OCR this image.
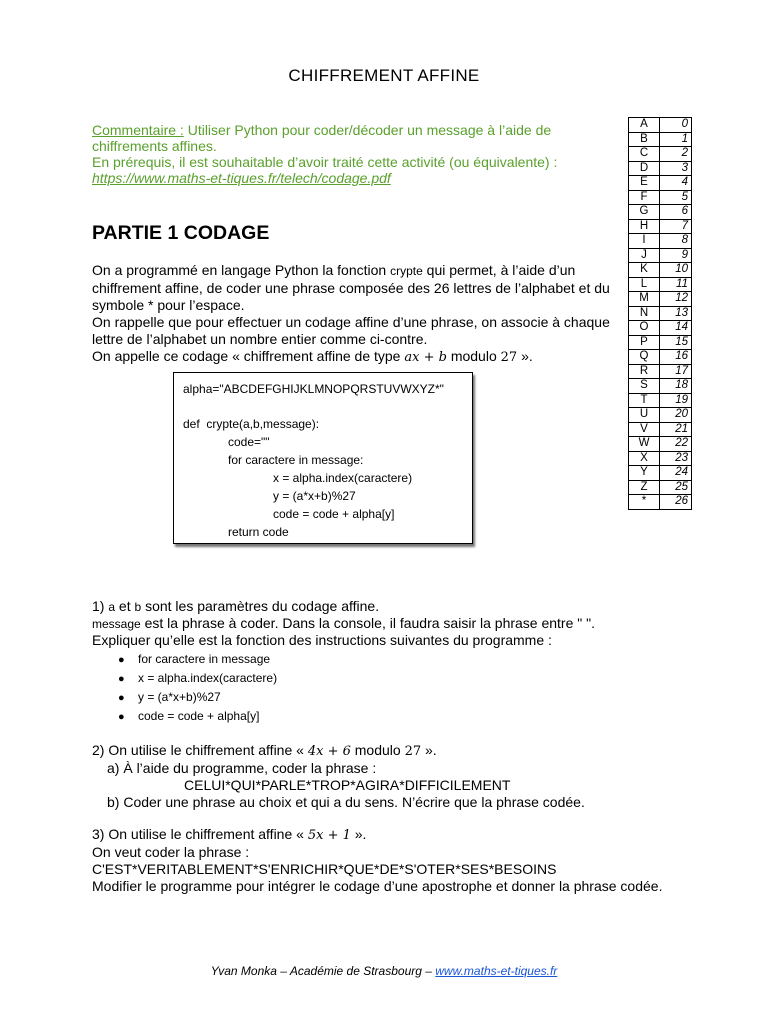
CHIFFREMENT AFFINE
Commentaire : Utiliser Python pour coder/décoder un message à l’aide de chiffrements affines.
En prérequis, il est souhaitable d’avoir traité cette activité (ou équivalente) :
https://www.maths-et-tiques.fr/telech/codage.pdf
A	0
B	1
C	2
D	3
E	4
F	5
G	6
H	7
I	8
J	9
K	10
L	11
M	12
N	13
O	14
P	15
Q	16
R	17
S	18
T	19
U	20
V	21
W	22
X	23
Y	24
Z	25
*	26
PARTIE 1 CODAGE
On a programmé en langage Python la fonction crypte qui permet, à l’aide d’un chiffrement affine, de coder une phrase composée des 26 lettres de l’alphabet et du symbole * pour l’espace.
On rappelle que pour effectuer un codage affine d’une phrase, on associe à chaque lettre de l’alphabet un nombre entier comme ci-contre.
On appelle ce codage « chiffrement affine de type ax + b modulo 27 ».
alpha="ABCDEFGHIJKLMNOPQRSTUVWXYZ*"
def  crypte(a,b,message):
code=""
for caractere in message:
x = alpha.index(caractere)
y = (a*x+b)%27
code = code + alpha[y]
return code
1) a et b sont les paramètres du codage affine.
message est la phrase à coder. Dans la console, il faudra saisir la phrase entre " ".
Expliquer qu’elle est la fonction des instructions suivantes du programme :
● for caractere in message
● x = alpha.index(caractere)
● y = (a*x+b)%27
● code = code + alpha[y]
2) On utilise le chiffrement affine « 4x + 6 modulo 27 ».
a) À l’aide du programme, coder la phrase :
CELUI*QUI*PARLE*TROP*AGIRA*DIFFICILEMENT
b) Coder une phrase au choix et qui a du sens. N’écrire que la phrase codée.
3) On utilise le chiffrement affine « 5x + 1 ».
On veut coder la phrase :
C'EST*VERITABLEMENT*S'ENRICHIR*QUE*DE*S'OTER*SES*BESOINS
Modifier le programme pour intégrer le codage d’une apostrophe et donner la phrase codée.
Yvan Monka – Académie de Strasbourg – www.maths-et-tiques.fr
